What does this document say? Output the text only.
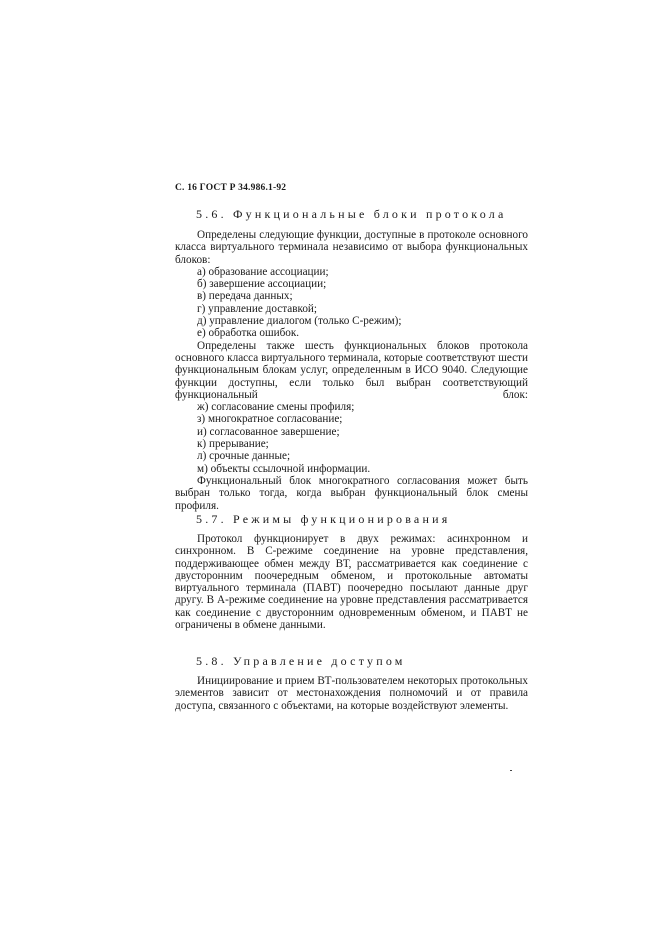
С. 16 ГОСТ Р 34.986.1-92
5.6. Функциональные блоки протокола

Определены следующие функции, доступные в протоколе основного класса виртуального терминала независимо от выбора функциональных блоков:

а) образование ассоциации;

б) завершение ассоциации;

в) передача данных;

г) управление доставкой;

д) управление диалогом (только С-режим);

е) обработка ошибок.

Определены также шесть функциональных блоков протокола основного класса виртуального терминала, которые соответствуют шести функциональным блокам услуг, определенным в ИСО 9040. Следующие функции доступны, если только был выбран соответствующий функциональный блок:

ж) согласование смены профиля;

з) многократное согласование;

и) согласованное завершение;

к) прерывание;

л) срочные данные;

м) объекты ссылочной информации.

Функциональный блок многократного согласования может быть выбран только тогда, когда выбран функциональный блок смены профиля.

5.7. Режимы функционирования

Протокол функционирует в двух режимах: асинхронном и синхронном. В С-режиме соединение на уровне представления, поддерживающее обмен между ВТ, рассматривается как соединение с двусторонним поочередным обменом, и протокольные автоматы виртуального терминала (ПАВТ) поочередно посылают данные друг другу. В А-режиме соединение на уровне представления рассматривается как соединение с двусторонним одновременным обменом, и ПАВТ не ограничены в обмене данными.

5.8. Управление доступом

Инициирование и прием ВТ-пользователем некоторых протокольных элементов зависит от местонахождения полномочий и от правила доступа, связанного с объектами, на которые воздействуют элементы.
